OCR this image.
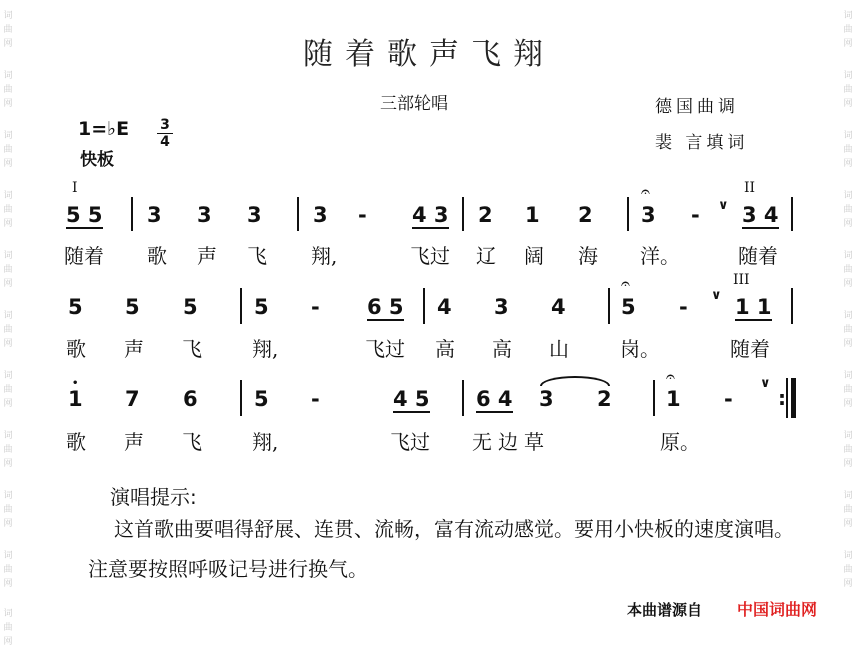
词
曲
网
词
曲
网
词
曲
网
词
曲
网
词
曲
网
词
曲
网
词
曲
网
词
曲
网
词
曲
网
词
曲
网
词
曲
网
词
曲
网
词
曲
网
词
曲
网
词
曲
网
词
曲
网
词
曲
网
词
曲
网
词
曲
网
词
曲
网
词
曲
网
随着歌声飞翔
三部轮唱	德国曲调
裴 言填词
1=♭E 3
4
快板
I	II
III
5 5 3 3 3 3 - 4 3 2 1 2
𝄐
3 - ∨ 3 4
随着 歌 声 飞 翔,	飞过 辽 阔 海 洋。	随着
5 5 5	5 - 6 5 4 3 4
𝄐
5 - ∨ 1 1
歌 声 飞	翔,	飞过 高 高 山	岗。	随着
•
1 7 6	5 -	4 5 6 4 3 2
𝄐
1 -
∨
:
歌 声 飞	翔,	飞过 无边草	原。
演唱提示:
这首歌曲要唱得舒展、连贯、流畅，富有流动感觉。要用小快板的速度演唱。注意要按照呼吸记号进行换气。
本曲谱源自 中国词曲网
